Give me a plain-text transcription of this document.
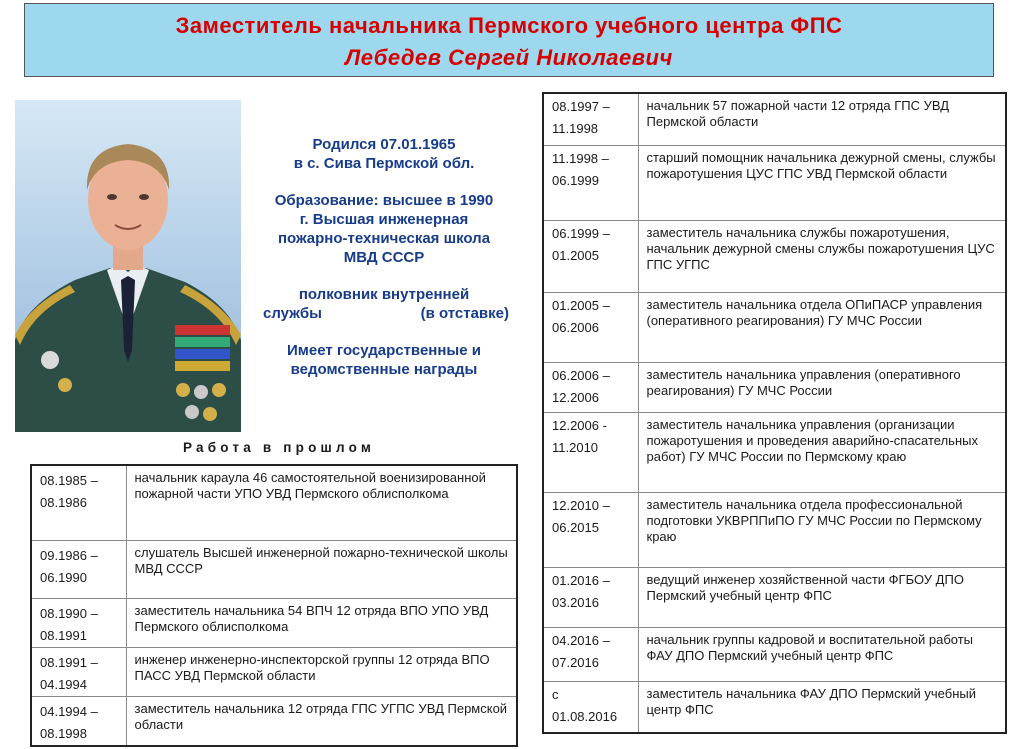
Заместитель начальника Пермского учебного центра ФПС
Лебедев Сергей Николаевич

Родился 07.01.1965

в с. Сива Пермской обл.

Образование: высшее в 1990

г. Высшая инженерная

пожарно-техническая школа

МВД СССР

полковник внутренней

службы	(в отставке)

Имеет государственные и

ведомственные награды

Работа в прошлом
08.1985 –
08.1986	начальник караула 46 самостоятельной военизированной пожарной части УПО УВД Пермского облисполкома

09.1986 –
06.1990	слушатель Высшей инженерной пожарно-технической школы МВД СССР

08.1990 –
08.1991	заместитель начальника 54 ВПЧ 12 отряда ВПО УПО УВД Пермского облисполкома

08.1991 –
04.1994	инженер инженерно-инспекторской группы 12 отряда ВПО ПАСС УВД Пермской области

04.1994 –
08.1998	заместитель начальника 12 отряда ГПС УГПС УВД Пермской области
08.1997 –
11.1998	начальник 57 пожарной части 12 отряда ГПС УВД Пермской области

11.1998 –
06.1999	старший помощник начальника дежурной смены, службы пожаротушения ЦУС ГПС УВД Пермской области

06.1999 –
01.2005	заместитель начальника службы пожаротушения, начальник дежурной смены службы пожаротушения ЦУС ГПС УГПС

01.2005 –
06.2006	заместитель начальника отдела ОПиПАСР управления (оперативного реагирования) ГУ МЧС России

06.2006 –
12.2006	заместитель начальника управления (оперативного реагирования) ГУ МЧС России

12.2006 -
11.2010	заместитель начальника управления (организации пожаротушения и проведения аварийно-спасательных работ) ГУ МЧС России по Пермскому краю

12.2010 –
06.2015	заместитель начальника отдела профессиональной подготовки УКВРППиПО ГУ МЧС России по Пермскому краю

01.2016 –
03.2016	ведущий инженер хозяйственной части ФГБОУ ДПО Пермский учебный центр ФПС

04.2016 –
07.2016	начальник группы кадровой и воспитательной работы ФАУ ДПО Пермский учебный центр ФПС

с
01.08.2016	заместитель начальника ФАУ ДПО Пермский учебный центр ФПС
